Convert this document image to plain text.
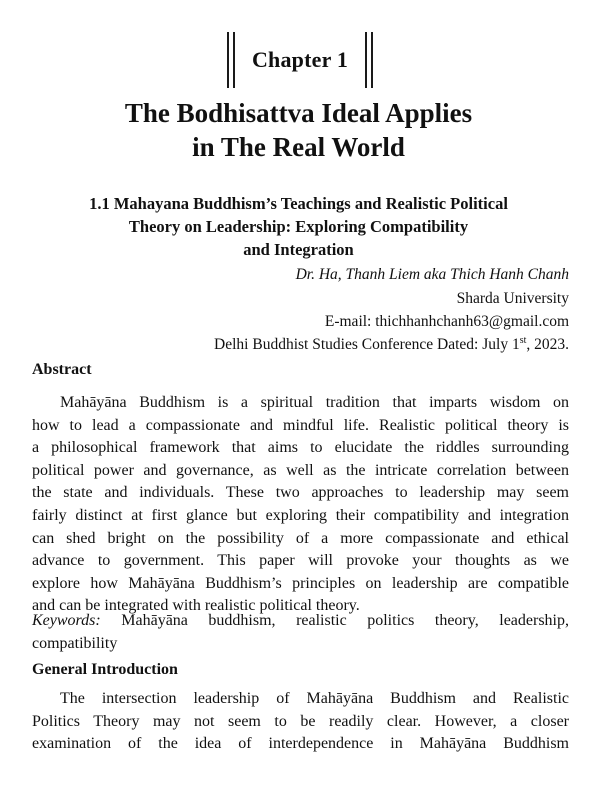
Chapter 1
The Bodhisattva Ideal Applies
in The Real World
1.1 Mahayana Buddhism’s Teachings and Realistic Political
Theory on Leadership: Exploring Compatibility
and Integration
Dr. Ha, Thanh Liem aka Thich Hanh Chanh
Sharda University
E-mail: thichhanhchanh63@gmail.com
Delhi Buddhist Studies Conference Dated: July 1st, 2023.
Abstract
Mahāyāna Buddhism is a spiritual tradition that imparts wisdom on
how to lead a compassionate and mindful life. Realistic political theory is
a philosophical framework that aims to elucidate the riddles surrounding
political power and governance, as well as the intricate correlation between
the state and individuals. These two approaches to leadership may seem
fairly distinct at first glance but exploring their compatibility and integration
can shed bright on the possibility of a more compassionate and ethical
advance to government. This paper will provoke your thoughts as we
explore how Mahāyāna Buddhism’s principles on leadership are compatible
and can be integrated with realistic political theory.
Keywords: Mahāyāna buddhism, realistic politics theory, leadership,
compatibility
General Introduction
The intersection leadership of Mahāyāna Buddhism and Realistic
Politics Theory may not seem to be readily clear. However, a closer
examination of the idea of interdependence in Mahāyāna Buddhism
